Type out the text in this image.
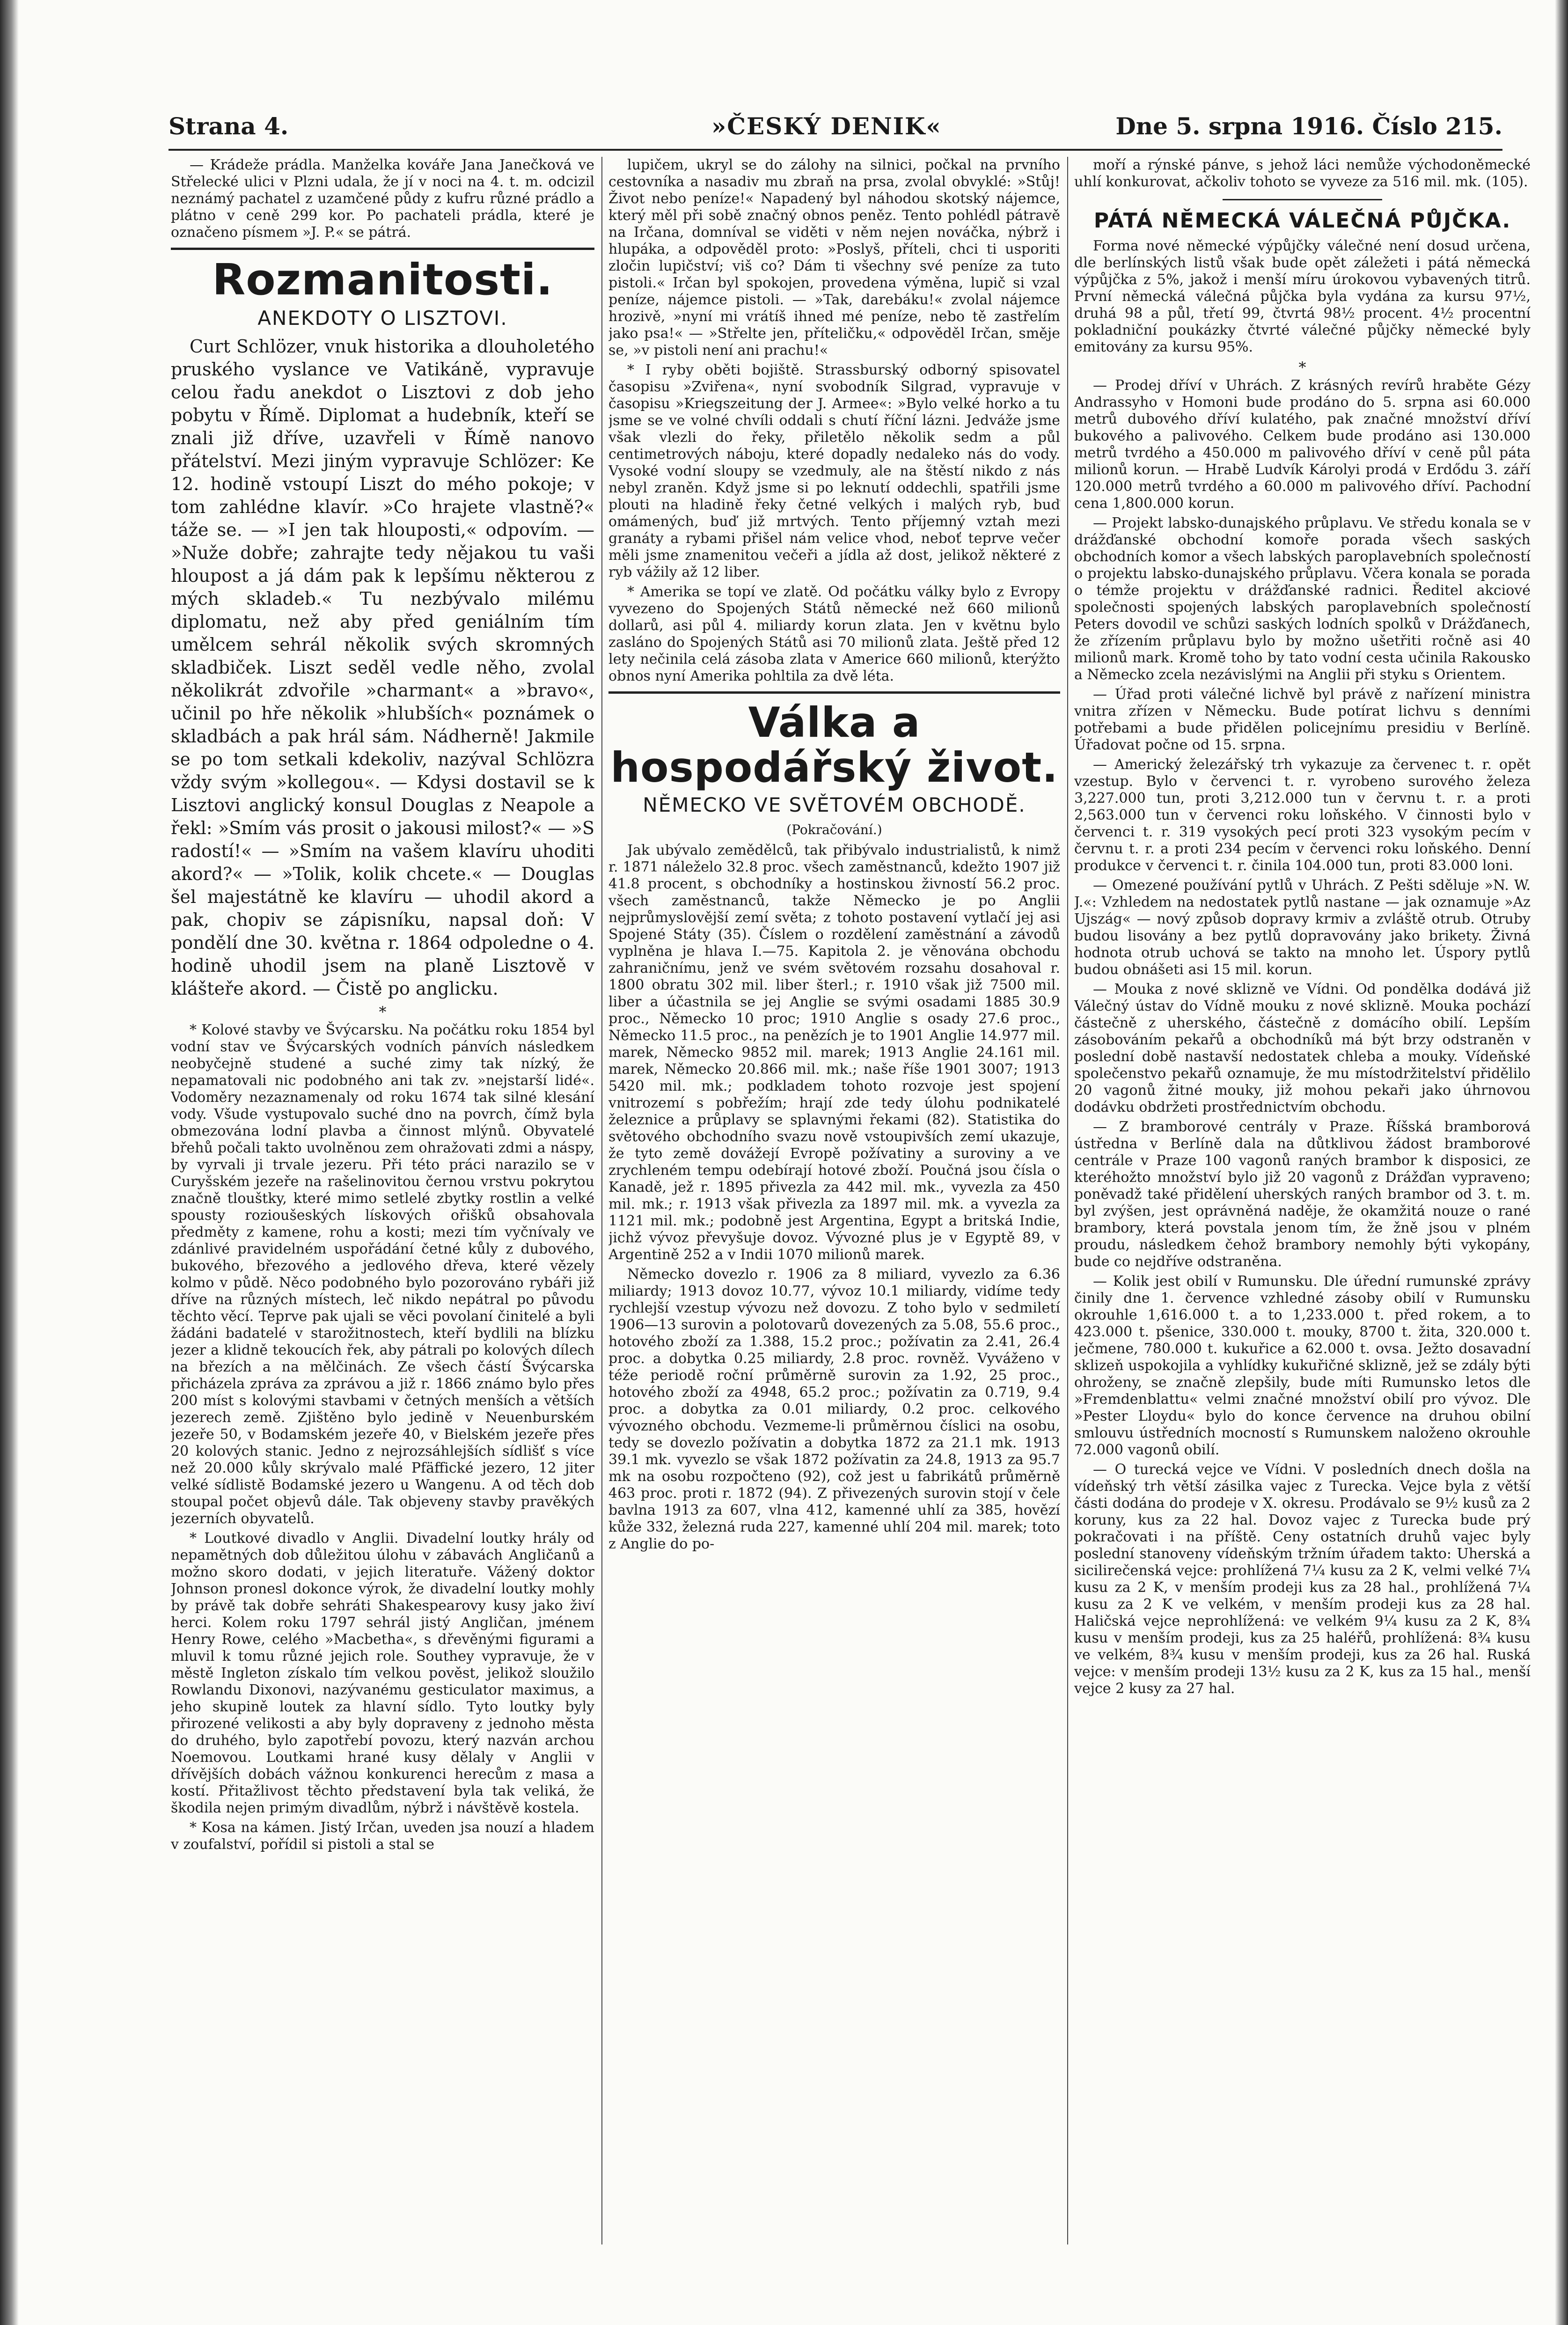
Strana 4.	»ČESKÝ DENIK«	Dne 5. srpna 1916. Číslo 215.

— Krádeže prádla. Manželka kováře Jana Janečková ve Střelecké ulici v Plzni udala, že jí v noci na 4. t. m. odcizil neznámý pachatel z uzamčené půdy z kufru různé prádlo a plátno v ceně 299 kor. Po pachateli prádla, které je označeno písmem »J. P.« se pátrá.

Rozmanitosti.
ANEKDOTY O LISZTOVI.

Curt Schlözer, vnuk historika a dlouholetého pruského vyslance ve Vatikáně, vypravuje celou řadu anekdot o Lisztovi z dob jeho pobytu v Římě. Diplomat a hudebník, kteří se znali již dříve, uzavřeli v Římě nanovo přátelství. Mezi jiným vypravuje Schlözer: Ke 12. hodině vstoupí Liszt do mého pokoje; v tom zahlédne klavír. »Co hrajete vlastně?« táže se. — »I jen tak hlouposti,« odpovím. — »Nuže dobře; zahrajte tedy nějakou tu vaši hloupost a já dám pak k lepšímu některou z mých skladeb.« Tu nezbývalo milému diplomatu, než aby před geniálním tím umělcem sehrál několik svých skromných skladbiček. Liszt seděl vedle něho, zvolal několikrát zdvořile »charmant« a »bravo«, učinil po hře několik »hlubších« poznámek o skladbách a pak hrál sám. Nádherně! Jakmile se po tom setkali kdekoliv, nazýval Schlözra vždy svým »kollegou«. — Kdysi dostavil se k Lisztovi anglický konsul Douglas z Neapole a řekl: »Smím vás prosit o jakousi milost?« — »S radostí!« — »Smím na vašem klavíru uhoditi akord?« — »Tolik, kolik chcete.« — Douglas šel majestátně ke klavíru — uhodil akord a pak, chopiv se zápisníku, napsal doň: V pondělí dne 30. května r. 1864 odpoledne o 4. hodině uhodil jsem na planě Lisztově v klášteře akord. — Čistě po anglicku.

*

* Kolové stavby ve Švýcarsku. Na počátku roku 1854 byl vodní stav ve Švýcarských vodních pánvích následkem neobyčejně studené a suché zimy tak nízký, že nepamatovali nic podobného ani tak zv. »nejstarší lidé«. Vodoměry nezaznamenaly od roku 1674 tak silné klesání vody. Všude vystupovalo suché dno na povrch, čímž byla obmezována lodní plavba a činnost mlýnů. Obyvatelé břehů počali takto uvolněnou zem ohražovati zdmi a náspy, by vyrvali ji trvale jezeru. Při této práci narazilo se v Curyšském jezeře na rašelinovitou černou vrstvu pokrytou značně tlouštky, které mimo setlelé zbytky rostlin a velké spousty rozioušeských lískových ořišků obsahovala předměty z kamene, rohu a kosti; mezi tím vyčnívaly ve zdánlivé pravidelném uspořádání četné kůly z dubového, bukového, březového a jedlového dřeva, které vězely kolmo v půdě. Něco podobného bylo pozorováno rybáři již dříve na různých místech, leč nikdo nepátral po původu těchto věcí. Teprve pak ujali se věci povolaní činitelé a byli žádáni badatelé v starožitnostech, kteří bydlili na blízku jezer a klidně tekoucích řek, aby pátrali po kolových dílech na březích a na mělčinách. Ze všech částí Švýcarska přicházela zpráva za zprávou a již r. 1866 známo bylo přes 200 míst s kolovými stavbami v četných menších a větších jezerech země. Zjištěno bylo jedině v Neuenburském jezeře 50, v Bodamském jezeře 40, v Bielském jezeře přes 20 kolových stanic. Jedno z nejrozsáhlejších sídlišť s více než 20.000 kůly skrývalo malé Pfäffické jezero, 12 jiter velké sídlistě Bodamské jezero u Wangenu. A od těch dob stoupal počet objevů dále. Tak objeveny stavby pravěkých jezerních obyvatelů.

* Loutkové divadlo v Anglii. Divadelní loutky hrály od nepamětných dob důležitou úlohu v zábavách Angličanů a možno skoro dodati, v jejich literatuře. Vážený doktor Johnson pronesl dokonce výrok, že divadelní loutky mohly by právě tak dobře sehráti Shakespearovy kusy jako živí herci. Kolem roku 1797 sehrál jistý Angličan, jménem Henry Rowe, celého »Macbetha«, s dřevěnými figurami a mluvil k tomu různé jejich role. Southey vypravuje, že v městě Ingleton získalo tím velkou pověst, jelikož sloužilo Rowlandu Dixonovi, nazývanému gesticulator maximus, a jeho skupině loutek za hlavní sídlo. Tyto loutky byly přirozené velikosti a aby byly dopraveny z jednoho města do druhého, bylo zapotřebí povozu, který nazván archou Noemovou. Loutkami hrané kusy dělaly v Anglii v dřívějších dobách vážnou konkurenci herecům z masa a kostí. Přitažlivost těchto představení byla tak veliká, že škodila nejen primým divadlům, nýbrž i návštěvě kostela.

* Kosa na kámen. Jistý Irčan, uveden jsa nouzí a hladem v zoufalství, pořídil si pistoli a stal se

lupičem, ukryl se do zálohy na silnici, počkal na prvního cestovníka a nasadiv mu zbraň na prsa, zvolal obvyklé: »Stůj! Život nebo peníze!« Napadený byl náhodou skotský nájemce, který měl při sobě značný obnos peněz. Tento pohlédl pátravě na Irčana, domníval se viděti v něm nejen nováčka, nýbrž i hlupáka, a odpověděl proto: »Poslyš, příteli, chci ti usporiti zločin lupičství; viš co? Dám ti všechny své peníze za tuto pistoli.« Irčan byl spokojen, provedena výměna, lupič si vzal peníze, nájemce pistoli. — »Tak, darebáku!« zvolal nájemce hrozivě, »nyní mi vrátíš ihned mé peníze, nebo tě zastřelím jako psa!« — »Střelte jen, příteličku,« odpověděl Irčan, směje se, »v pistoli není ani prachu!«

* I ryby oběti bojiště. Strassburský odborný spisovatel časopisu »Zviřena«, nyní svobodník Silgrad, vypravuje v časopisu »Kriegszeitung der J. Armee«: »Bylo velké horko a tu jsme se ve volné chvíli oddali s chutí říční lázni. Jedváže jsme však vlezli do řeky, přiletělo několik sedm a půl centimetrových náboju, které dopadly nedaleko nás do vody. Vysoké vodní sloupy se vzedmuly, ale na štěstí nikdo z nás nebyl zraněn. Když jsme si po leknutí oddechli, spatřili jsme plouti na hladině řeky četné velkých i malých ryb, buď omámených, buď již mrtvých. Tento příjemný vztah mezi granáty a rybami přišel nám velice vhod, neboť teprve večer měli jsme znamenitou večeři a jídla až dost, jelikož některé z ryb vážily až 12 liber.

* Amerika se topí ve zlatě. Od počátku války bylo z Evropy vyvezeno do Spojených Států německé než 660 milionů dollarů, asi půl 4. miliardy korun zlata. Jen v květnu bylo zasláno do Spojených Států asi 70 milionů zlata. Ještě před 12 lety nečinila celá zásoba zlata v Americe 660 milionů, kterýžto obnos nyní Amerika pohltila za dvě léta.

Válka a hospodářský život.
NĚMECKO VE SVĚTOVÉM OBCHODĚ.
(Pokračování.)

Jak ubývalo zemědělců, tak přibývalo industrialistů, k nimž r. 1871 náleželo 32.8 proc. všech zaměstnanců, kdežto 1907 již 41.8 procent, s obchodníky a hostinskou živností 56.2 proc. všech zaměstnanců, takže Německo je po Anglii nejprůmyslovější zemí světa; z tohoto postavení vytlačí jej asi Spojené Státy (35). Číslem o rozdělení zaměstnání a závodů vyplněna je hlava I.—75. Kapitola 2. je věnována obchodu zahraničnímu, jenž ve svém světovém rozsahu dosahoval r. 1800 obratu 302 mil. liber šterl.; r. 1910 však již 7500 mil. liber a účastnila se jej Anglie se svými osadami 1885 30.9 proc., Německo 10 proc; 1910 Anglie s osady 27.6 proc., Německo 11.5 proc., na penězích je to 1901 Anglie 14.977 mil. marek, Německo 9852 mil. marek; 1913 Anglie 24.161 mil. marek, Německo 20.866 mil. mk.; naše říše 1901 3007; 1913 5420 mil. mk.; podkladem tohoto rozvoje jest spojení vnitrozemí s pobřežím; hrají zde tedy úlohu podnikatelé železnice a průplavy se splavnými řekami (82). Statistika do světového obchodního svazu nově vstoupivších zemí ukazuje, že tyto země dovážejí Evropě požívatiny a suroviny a ve zrychleném tempu odebírají hotové zboží. Poučná jsou čísla o Kanadě, jež r. 1895 přivezla za 442 mil. mk., vyvezla za 450 mil. mk.; r. 1913 však přivezla za 1897 mil. mk. a vyvezla za 1121 mil. mk.; podobně jest Argentina, Egypt a britská Indie, jichž vývoz převyšuje dovoz. Vývozné plus je v Egyptě 89, v Argentině 252 a v Indii 1070 milionů marek.

Německo dovezlo r. 1906 za 8 miliard, vyvezlo za 6.36 miliardy; 1913 dovoz 10.77, vývoz 10.1 miliardy, vidíme tedy rychlejší vzestup vývozu než dovozu. Z toho bylo v sedmiletí 1906—13 surovin a polotovarů dovezených za 5.08, 55.6 proc., hotového zboží za 1.388, 15.2 proc.; požívatin za 2.41, 26.4 proc. a dobytka 0.25 miliardy, 2.8 proc. rovněž. Vyváženo v téže periodě roční průměrně surovin za 1.92, 25 proc., hotového zboží za 4948, 65.2 proc.; požívatin za 0.719, 9.4 proc. a dobytka za 0.01 miliardy, 0.2 proc. celkového vývozného obchodu. Vezmeme-li průměrnou číslici na osobu, tedy se dovezlo požívatin a dobytka 1872 za 21.1 mk. 1913 39.1 mk. vyvezlo se však 1872 požívatin za 24.8, 1913 za 95.7 mk na osobu rozpočteno (92), což jest u fabrikátů průměrně 463 proc. proti r. 1872 (94). Z přivezených surovin stojí v čele bavlna 1913 za 607, vlna 412, kamenné uhlí za 385, hovězí kůže 332, železná ruda 227, kamenné uhlí 204 mil. marek; toto z Anglie do po-

moří a rýnské pánve, s jehož láci nemůže východoněmecké uhlí konkurovat, ačkoliv tohoto se vyveze za 516 mil. mk. (105).

PÁTÁ NĚMECKÁ VÁLEČNÁ PŮJČKA.

Forma nové německé výpůjčky válečné není dosud určena, dle berlínských listů však bude opět záležeti i pátá německá výpůjčka z 5%, jakož i menší míru úrokovou vybavených titrů. První německá válečná půjčka byla vydána za kursu 97½, druhá 98 a půl, třetí 99, čtvrtá 98½ procent. 4½ procentní pokladniční poukázky čtvrté válečné půjčky německé byly emitovány za kursu 95%.

*

— Prodej dříví v Uhrách. Z krásných revírů hraběte Gézy Andrassyho v Homoni bude prodáno do 5. srpna asi 60.000 metrů dubového dříví kulatého, pak značné množství dříví bukového a palivového. Celkem bude prodáno asi 130.000 metrů tvrdého a 450.000 m palivového dříví v ceně půl páta milionů korun. — Hrabě Ludvík Károlyi prodá v Erdődu 3. září 120.000 metrů tvrdého a 60.000 m palivového dříví. Pachodní cena 1,800.000 korun.

— Projekt labsko-dunajského průplavu. Ve středu konala se v drážďanské obchodní komoře porada všech saských obchodních komor a všech labských paroplavebních společností o projektu labsko-dunajského průplavu. Včera konala se porada o témže projektu v drážďanské radnici. Ředitel akciové společnosti spojených labských paroplavebních společností Peters dovodil ve schůzi saských lodních spolků v Drážďanech, že zřízením průplavu bylo by možno ušetřiti ročně asi 40 milionů mark. Kromě toho by tato vodní cesta učinila Rakousko a Německo zcela nezávislými na Anglii při styku s Orientem.

— Úřad proti válečné lichvě byl právě z nařízení ministra vnitra zřízen v Německu. Bude potírat lichvu s denními potřebami a bude přidělen policejnímu presidiu v Berlíně. Úřadovat počne od 15. srpna.

— Americký železářský trh vykazuje za červenec t. r. opět vzestup. Bylo v červenci t. r. vyrobeno surového železa 3,227.000 tun, proti 3,212.000 tun v červnu t. r. a proti 2,563.000 tun v červenci roku loňského. V činnosti bylo v červenci t. r. 319 vysokých pecí proti 323 vysokým pecím v červnu t. r. a proti 234 pecím v červenci roku loňského. Denní produkce v červenci t. r. činila 104.000 tun, proti 83.000 loni.

— Omezené používání pytlů v Uhrách. Z Pešti sděluje »N. W. J.«: Vzhledem na nedostatek pytlů nastane — jak oznamuje »Az Ujszág« — nový způsob dopravy krmiv a zvláště otrub. Otruby budou lisovány a bez pytlů dopravovány jako brikety. Živná hodnota otrub uchová se takto na mnoho let. Úspory pytlů budou obnášeti asi 15 mil. korun.

— Mouka z nové sklizně ve Vídni. Od pondělka dodává již Válečný ústav do Vídně mouku z nové sklizně. Mouka pochází částečně z uherského, částečně z domácího obilí. Lepším zásobováním pekařů a obchodníků má být brzy odstraněn v poslední době nastavší nedostatek chleba a mouky. Vídeňské společenstvo pekařů oznamuje, že mu místodržitelství přidělilo 20 vagonů žitné mouky, již mohou pekaři jako úhrnovou dodávku obdržeti prostřednictvím obchodu.

— Z bramborové centrály v Praze. Říšská bramborová ústředna v Berlíně dala na důtklivou žádost bramborové centrále v Praze 100 vagonů raných brambor k disposici, ze kteréhožto množství bylo již 20 vagonů z Drážďan vypraveno; poněvadž také přidělení uherských raných brambor od 3. t. m. byl zvýšen, jest oprávněná naděje, že okamžitá nouze o rané brambory, která povstala jenom tím, že žně jsou v plném proudu, následkem čehož brambory nemohly býti vykopány, bude co nejdříve odstraněna.

— Kolik jest obilí v Rumunsku. Dle úřední rumunské zprávy činily dne 1. července vzhledné zásoby obilí v Rumunsku okrouhle 1,616.000 t. a to 1,233.000 t. před rokem, a to 423.000 t. pšenice, 330.000 t. mouky, 8700 t. žita, 320.000 t. ječmene, 780.000 t. kukuřice a 62.000 t. ovsa. Ježto dosavadní sklizeň uspokojila a vyhlídky kukuřičné sklizně, jež se zdály býti ohroženy, se značně zlepšily, bude míti Rumunsko letos dle »Fremdenblattu« velmi značné množství obilí pro vývoz. Dle »Pester Lloydu« bylo do konce července na druhou obilní smlouvu ústředních mocností s Rumunskem naloženo okrouhle 72.000 vagonů obilí.

— O turecká vejce ve Vídni. V posledních dnech došla na vídeňský trh větší zásilka vajec z Turecka. Vejce byla z větší části dodána do prodeje v X. okresu. Prodávalo se 9½ kusů za 2 koruny, kus za 22 hal. Dovoz vajec z Turecka bude prý pokračovati i na příště. Ceny ostatních druhů vajec byly poslední stanoveny vídeňským tržním úřadem takto: Uherská a sicilirečenská vejce: prohlížená 7¼ kusu za 2 K, velmi velké 7¼ kusu za 2 K, v menším prodeji kus za 28 hal., prohlížená 7¼ kusu za 2 K ve velkém, v menším prodeji kus za 28 hal. Haličská vejce neprohlížená: ve velkém 9¼ kusu za 2 K, 8¾ kusu v menším prodeji, kus za 25 haléřů, prohlížená: 8¾ kusu ve velkém, 8¾ kusu v menším prodeji, kus za 26 hal. Ruská vejce: v menším prodeji 13½ kusu za 2 K, kus za 15 hal., menší vejce 2 kusy za 27 hal.
